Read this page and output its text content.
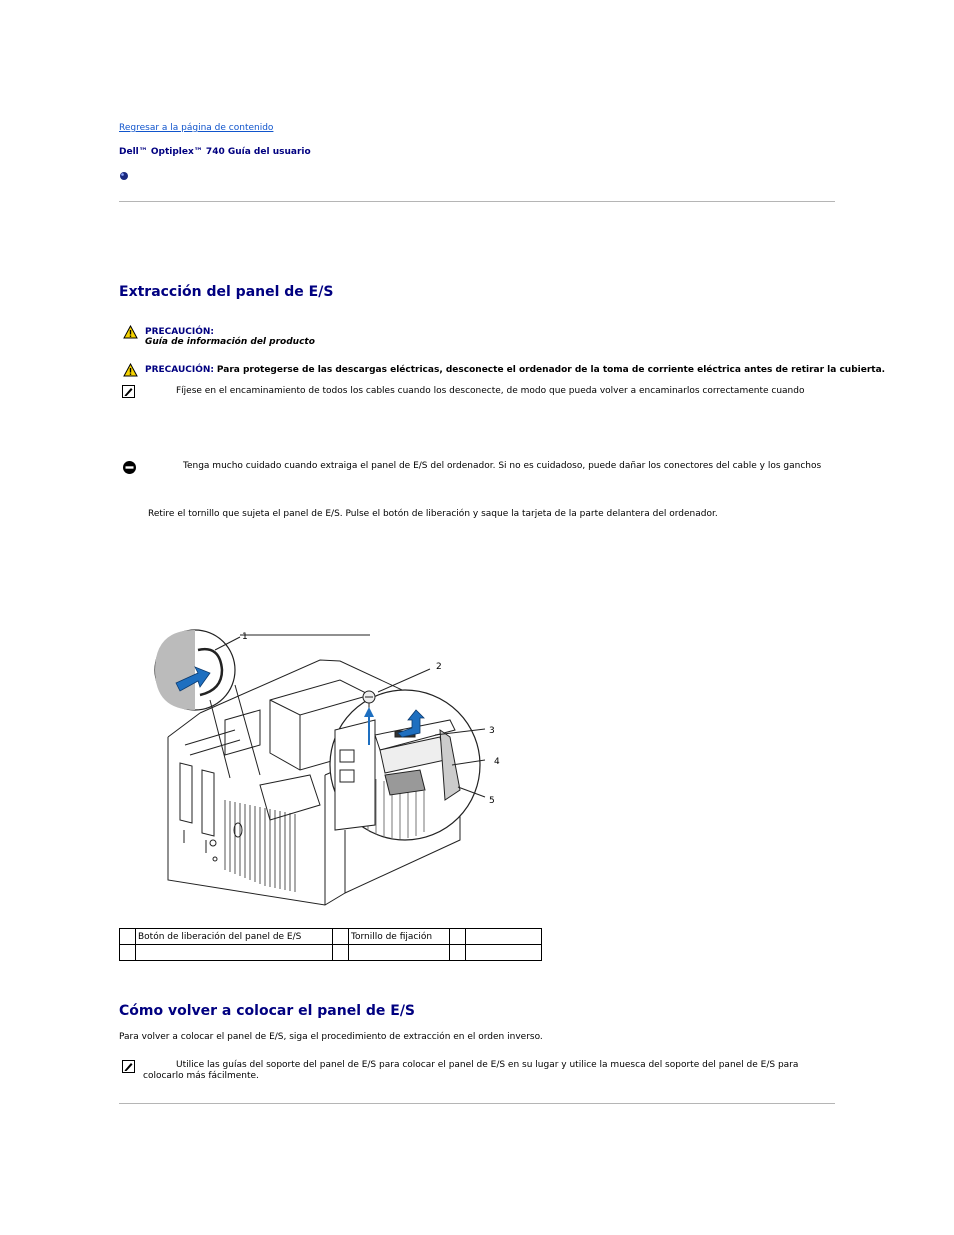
Regresar a la página de contenido
Dell™ Optiplex™ 740 Guía del usuario
Extracción del panel de E/S
PRECAUCIÓN:
Guía de información del producto
PRECAUCIÓN: Para protegerse de las descargas eléctricas, desconecte el ordenador de la toma de corriente eléctrica antes de retirar la cubierta.
Fíjese en el encaminamiento de todos los cables cuando los desconecte, de modo que pueda volver a encaminarlos correctamente cuando
Tenga mucho cuidado cuando extraiga el panel de E/S del ordenador. Si no es cuidadoso, puede dañar los conectores del cable y los ganchos
Retire el tornillo que sujeta el panel de E/S. Pulse el botón de liberación y saque la tarjeta de la parte delantera del ordenador.
1
2
3
4
5
	Botón de liberación del panel de E/S		Tornillo de fijación		

Cómo volver a colocar el panel de E/S
Para volver a colocar el panel de E/S, siga el procedimiento de extracción en el orden inverso.
Utilice las guías del soporte del panel de E/S para colocar el panel de E/S en su lugar y utilice la muesca del soporte del panel de E/S para
colocarlo más fácilmente.
